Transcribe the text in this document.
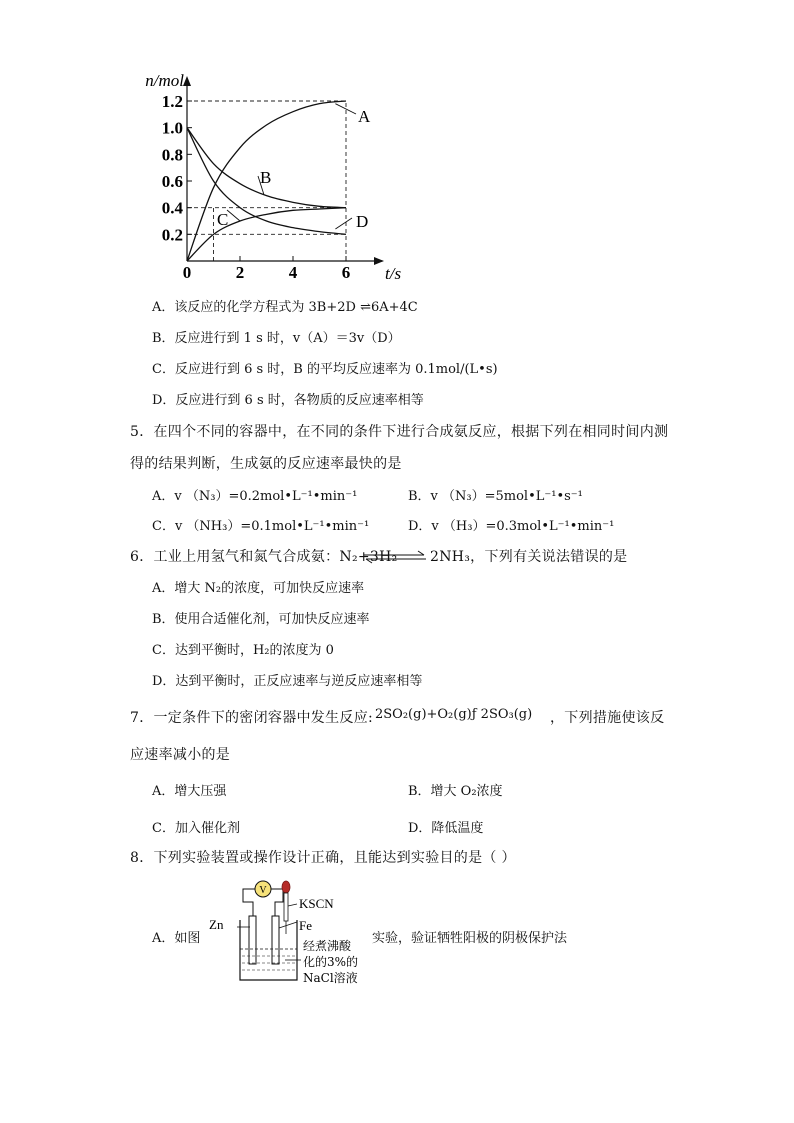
0.2
0.4
0.6
0.8
1.0
1.2
0	2	4	6
n/mol
t/s
A
B
C	D
A．该反应的化学方程式为 3B+2D ⇌6A+4C
B．反应进行到 1 s 时，v（A）＝3v（D）
C．反应进行到 6 s 时，B 的平均反应速率为 0.1mol/(L•s)
D．反应进行到 6 s 时，各物质的反应速率相等
5．在四个不同的容器中，在不同的条件下进行合成氨反应，根据下列在相同时间内测
得的结果判断，生成氨的反应速率最快的是
A．v （N₃）=0.2mol•L⁻¹•min⁻¹	B．v （N₃）=5mol•L⁻¹•s⁻¹
C．v （NH₃）=0.1mol•L⁻¹•min⁻¹	D．v （H₃）=0.3mol•L⁻¹•min⁻¹
6．工业上用氢气和氮气合成氨：N₂+3H₂ 2NH₃，下列有关说法错误的是
A．增大 N₂的浓度，可加快反应速率
B．使用合适催化剂，可加快反应速率
C．达到平衡时，H₂的浓度为 0
D．达到平衡时，正反应速率与逆反应速率相等
7．一定条件下的密闭容器中发生反应: 2SO₂(g)+O₂(g)ƒ 2SO₃(g) ，下列措施使该反
应速率减小的是
A．增大压强	B．增大 O₂浓度
C．加入催化剂	D．降低温度
8．下列实验装置或操作设计正确，且能达到实验目的是（ ）
A．如图
V
Zn
KSCN
Fe
经煮沸酸
化的3%的
NaCl溶液
实验，验证牺牲阳极的阴极保护法
